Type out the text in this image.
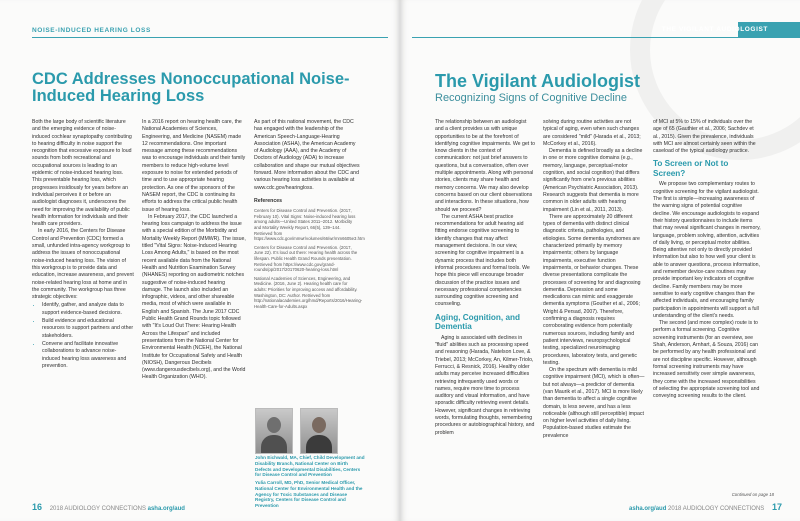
NOISE-INDUCED HEARING LOSS
CDC Addresses Nonoccupational Noise-Induced Hearing Loss

Both the large body of scientific literature and the emerging evidence of noise-induced cochlear synaptopathy contributing to hearing difficulty in noise support the recognition that excessive exposure to loud sounds from both recreational and occupational sources is leading to an epidemic of noise-induced hearing loss. This preventable hearing loss, which progresses insidiously for years before an individual perceives it or before an audiologist diagnoses it, underscores the need for improving the availability of public health information for individuals and their health care providers.

In early 2016, the Centers for Disease Control and Prevention (CDC) formed a small, unfunded intra-agency workgroup to address the issues of nonoccupational noise-induced hearing loss. The vision of this workgroup is to provide data and education, increase awareness, and prevent noise-related hearing loss at home and in the community. The workgroup has three strategic objectives:

• Identify, gather, and analyze data to support evidence-based decisions.
• Build evidence and educational resources to support partners and other stakeholders.
• Convene and facilitate innovative collaborations to advance noise-induced hearing loss awareness and prevention.

In a 2016 report on hearing health care, the National Academies of Sciences, Engineering, and Medicine (NASEM) made 12 recommendations. One important message among these recommendations was to encourage individuals and their family members to reduce high-volume level exposure to noise for extended periods of time and to use appropriate hearing protection. As one of the sponsors of the NASEM report, the CDC is continuing its efforts to address the critical public health issue of hearing loss.

In February 2017, the CDC launched a hearing loss campaign to address the issue with a special edition of the Morbidity and Mortality Weekly Report (MMWR). The issue, titled "Vital Signs: Noise-Induced Hearing Loss Among Adults," is based on the most recent available data from the National Health and Nutrition Examination Survey (NHANES) reporting on audiometric notches suggestive of noise-induced hearing damage. The launch also included an infographic, videos, and other shareable media, most of which were available in English and Spanish. The June 2017 CDC Public Health Grand Rounds topic followed with "It's Loud Out There: Hearing Health Across the Lifespan" and included presentations from the National Center for Environmental Health (NCEH), the National Institute for Occupational Safety and Health (NIOSH), Dangerous Decibels (www.dangerousdecibels.org), and the World Health Organization (WHO).

As part of this national movement, the CDC has engaged with the leadership of the American Speech-Language-Hearing Association (ASHA), the American Academy of Audiology (AAA), and the Academy of Doctors of Audiology (ADA) to increase collaboration and shape our mutual objectives forward. More information about the CDC and various hearing loss activities is available at www.cdc.gov/hearingloss.

References
Centers for Disease Control and Prevention. (2017, February 10). Vital Signs: Noise-induced hearing loss among adults—United States 2011–2012. Morbidity and Mortality Weekly Report, 66(5), 139–144. Retrieved from https://www.cdc.gov/mmwr/volumes/66/wr/mm6605e3.htm
Centers for Disease Control and Prevention. (2017, June 22). It's loud out there: Hearing health across the lifespan. Public Health Grand Rounds presentation. Retrieved from https://www.cdc.gov/grand-rounds/pp/2017/20170620-hearing-loss.html
National Academies of Sciences, Engineering, and Medicine. (2016, June 2). Hearing health care for adults: Priorities for improving access and affordability. Washington, DC: Author. Retrieved from http://nationalacademies.org/hmd/Reports/2016/Hearing-Health-Care-for-Adults.aspx
John Eichwald, MA, Chief, Child Development and Disability Branch, National Center on Birth Defects and Developmental Disabilities, Centers for Disease Control and Prevention
Yulia Carroll, MD, PhD, Senior Medical Officer, National Center for Environmental Health and the Agency for Toxic Substances and Disease Registry, Centers for Disease Control and Prevention
16 2018 AUDIOLOGY CONNECTIONS asha.org/aud
THE VIGILANT AUDIOLOGIST
The Vigilant Audiologist
Recognizing Signs of Cognitive Decline

The relationship between an audiologist and a client provides us with unique opportunities to be at the forefront of identifying cognitive impairments. We get to know clients in the context of communication: not just brief answers to questions, but a conversation, often over multiple appointments. Along with personal stories, clients may share health and memory concerns. We may also develop concerns based on our client observations and interactions. In these situations, how should we proceed?

The current ASHA best practice recommendations for adult hearing aid fitting endorse cognitive screening to identify changes that may affect management decisions. In our view, screening for cognitive impairment is a dynamic process that includes both informal procedures and formal tools. We hope this piece will encourage broader discussion of the practice issues and necessary professional competencies surrounding cognitive screening and counseling.

Aging, Cognition, and Dementia

Aging is associated with declines in "fluid" abilities such as processing speed and reasoning (Harada, Natelson Love, & Triebel, 2013; McCorkey, An, Kilmer-Triolo, Ferrucci, & Resnick, 2016). Healthy older adults may perceive increased difficulties retrieving infrequently used words or names, require more time to process auditory and visual information, and have sporadic difficulty retrieving event details. However, significant changes in retrieving words, formulating thoughts, remembering procedures or autobiographical history, and problem

solving during routine activities are not typical of aging, even when such changes are considered "mild" (Harada et al., 2013; McCorkey et al., 2016).

Dementia is defined broadly as a decline in one or more cognitive domains (e.g., memory, language, perceptual-motor cognition, and social cognition) that differs significantly from one's previous abilities (American Psychiatric Association, 2013). Research suggests that dementia is more common in older adults with hearing impairment (Lin et al., 2011, 2013).

There are approximately 20 different types of dementia with distinct clinical diagnostic criteria, pathologies, and etiologies. Some dementia syndromes are characterized primarily by memory impairments; others by language impairments, executive function impairments, or behavior changes. These diverse presentations complicate the processes of screening for and diagnosing dementia. Depression and some medications can mimic and exaggerate dementia symptoms (Gouther et al., 2006; Wright & Persad, 2007). Therefore, confirming a diagnosis requires corroborating evidence from potentially numerous sources, including family and patient interviews, neuropsychological testing, specialized neuroimaging procedures, laboratory tests, and genetic testing.

On the spectrum with dementia is mild cognitive impairment (MCI), which is often—but not always—a predictor of dementia (van Maurik et al., 2017). MCI is more likely than dementia to affect a single cognitive domain, is less severe, and has a less noticeable (although still perceptible) impact on higher level activities of daily living. Population-based studies estimate the prevalence

of MCI at 5% to 15% of individuals over the age of 65 (Gauthier et al., 2006; Sachdev et al., 2015). Given the prevalence, individuals with MCI are almost certainly seen within the caseload of the typical audiology practice.

To Screen or Not to Screen?

We propose two complementary routes to cognitive screening for the vigilant audiologist. The first is simple—increasing awareness of the warning signs of potential cognitive decline. We encourage audiologists to expand their history questionnaires to include items that may reveal significant changes in memory, language, problem solving, attention, activities of daily living, or perceptual motor abilities. Being attentive not only to directly provided information but also to how well your client is able to answer questions, process information, and remember device-care routines may provide important key indicators of cognitive decline. Family members may be more sensitive to early cognitive changes than the affected individuals, and encouraging family participation in appointments will support a full understanding of the client's needs.

The second (and more complex) route is to perform a formal screening. Cognitive screening instruments (for an overview, see Shah, Anderson, Arnhart, & Souza, 2016) can be performed by any health professional and are not discipline specific. However, although formal screening instruments may have increased sensitivity over simple awareness, they come with the increased responsibilities of selecting the appropriate screening tool and conveying screening results to the client.

Continued on page 18
asha.org/aud 2018 AUDIOLOGY CONNECTIONS 17
